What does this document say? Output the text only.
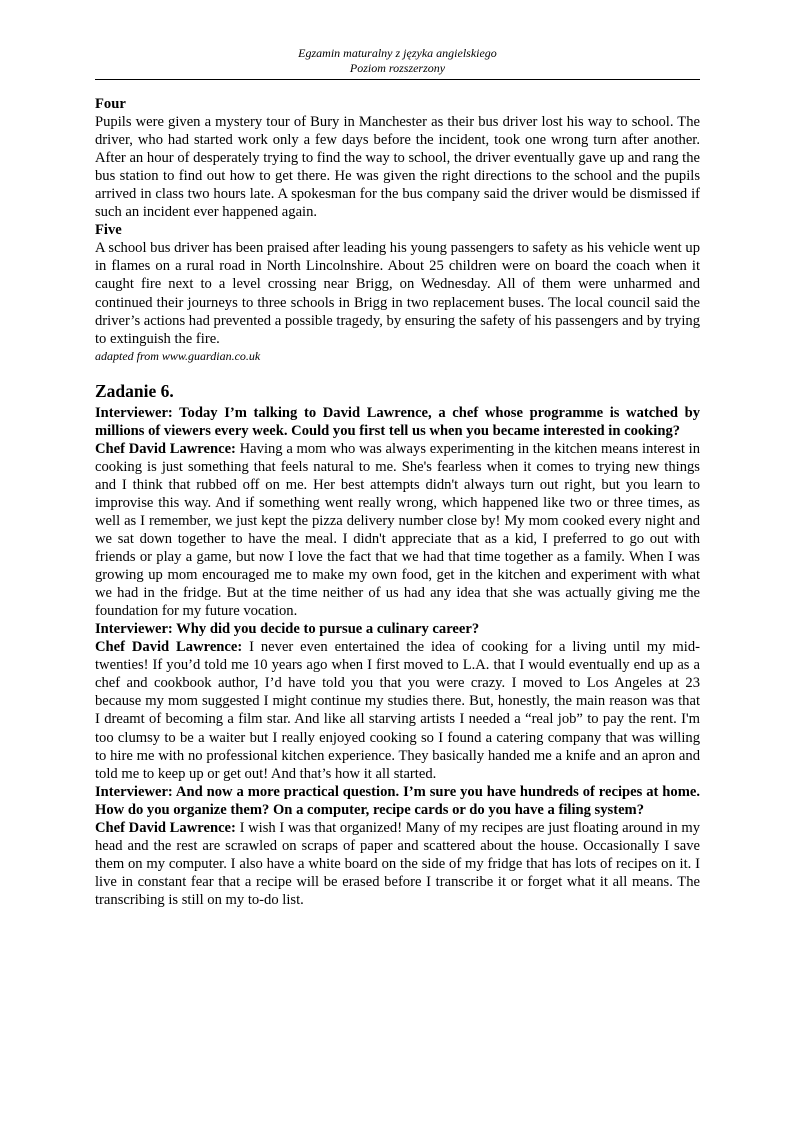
Egzamin maturalny z języka angielskiego
Poziom rozszerzony

Four

Pupils were given a mystery tour of Bury in Manchester as their bus driver lost his way to school. The driver, who had started work only a few days before the incident, took one wrong turn after another. After an hour of desperately trying to find the way to school, the driver eventually gave up and rang the bus station to find out how to get there. He was given the right directions to the school and the pupils arrived in class two hours late. A spokesman for the bus company said the driver would be dismissed if such an incident ever happened again.

Five

A school bus driver has been praised after leading his young passengers to safety as his vehicle went up in flames on a rural road in North Lincolnshire. About 25 children were on board the coach when it caught fire next to a level crossing near Brigg, on Wednesday. All of them were unharmed and continued their journeys to three schools in Brigg in two replacement buses. The local council said the driver’s actions had prevented a possible tragedy, by ensuring the safety of his passengers and by trying to extinguish the fire.

adapted from www.guardian.co.uk

Zadanie 6.

Interviewer: Today I’m talking to David Lawrence, a chef whose programme is watched by millions of viewers every week. Could you first tell us when you became interested in cooking?

Chef David Lawrence: Having a mom who was always experimenting in the kitchen means interest in cooking is just something that feels natural to me. She's fearless when it comes to trying new things and I think that rubbed off on me. Her best attempts didn't always turn out right, but you learn to improvise this way. And if something went really wrong, which happened like two or three times, as well as I remember, we just kept the pizza delivery number close by! My mom cooked every night and we sat down together to have the meal. I didn't appreciate that as a kid, I preferred to go out with friends or play a game, but now I love the fact that we had that time together as a family. When I was growing up mom encouraged me to make my own food, get in the kitchen and experiment with what we had in the fridge. But at the time neither of us had any idea that she was actually giving me the foundation for my future vocation.

Interviewer: Why did you decide to pursue a culinary career?

Chef David Lawrence: I never even entertained the idea of cooking for a living until my mid-twenties! If you’d told me 10 years ago when I first moved to L.A. that I would eventually end up as a chef and cookbook author, I’d have told you that you were crazy. I moved to Los Angeles at 23 because my mom suggested I might continue my studies there. But, honestly, the main reason was that I dreamt of becoming a film star. And like all starving artists I needed a “real job” to pay the rent. I'm too clumsy to be a waiter but I really enjoyed cooking so I found a catering company that was willing to hire me with no professional kitchen experience. They basically handed me a knife and an apron and told me to keep up or get out! And that’s how it all started.

Interviewer: And now a more practical question. I’m sure you have hundreds of recipes at home. How do you organize them? On a computer, recipe cards or do you have a filing system?

Chef David Lawrence: I wish I was that organized! Many of my recipes are just floating around in my head and the rest are scrawled on scraps of paper and scattered about the house. Occasionally I save them on my computer. I also have a white board on the side of my fridge that has lots of recipes on it. I live in constant fear that a recipe will be erased before I transcribe it or forget what it all means. The transcribing is still on my to-do list.
